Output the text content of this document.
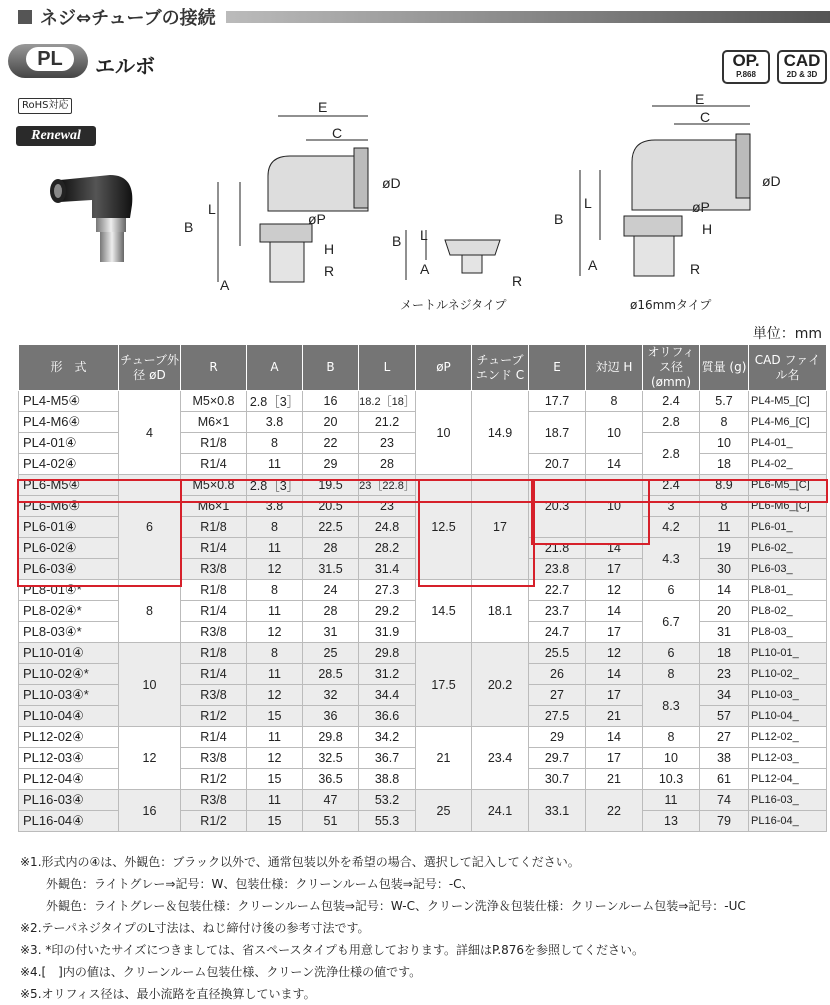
ネジ⇔チューブの接続
PL	エルボ	OP.
P.868
CAD
2D & 3D
RoHS対応
Renewal
E
C
B
L
A
øD
øP
H
R
B L
A
R
E
C
B
L
A
øD
øP
H
R
メートルネジタイプ	ø16mmタイプ
単位：mm
形　式	チューブ外径 øD	R	A	B	L	øP	チューブエンド C	E	対辺 H	オリフィス径 (ømm)	質量 (g)	CAD ファイル名
PL4-M5④	4	M5×0.8	2.8［3］	16	18.2［18］	10	14.9	17.7	8	2.4	5.7	PL4-M5_[C]
PL4-M6④		M6×1	3.8	20	21.2			18.7	10	2.8	8	PL4-M6_[C]
PL4-01④		R1/8	8	22	23					2.8	10	PL4-01_
PL4-02④		R1/4	11	29	28			20.7	14		18	PL4-02_
PL6-M5④	6	M5×0.8	2.8［3］	19.5	23［22.8］	12.5	17	20.3	10	2.4	8.9	PL6-M5_[C]
PL6-M6④		M6×1	3.8	20.5	23					3	8	PL6-M6_[C]
PL6-01④		R1/8	8	22.5	24.8					4.2	11	PL6-01_
PL6-02④		R1/4	11	28	28.2			21.8	14	4.3	19	PL6-02_
PL6-03④		R3/8	12	31.5	31.4			23.8	17		30	PL6-03_
PL8-01④*	8	R1/8	8	24	27.3	14.5	18.1	22.7	12	6	14	PL8-01_
PL8-02④*		R1/4	11	28	29.2			23.7	14	6.7	20	PL8-02_
PL8-03④*		R3/8	12	31	31.9			24.7	17		31	PL8-03_
PL10-01④	10	R1/8	8	25	29.8	17.5	20.2	25.5	12	6	18	PL10-01_
PL10-02④*		R1/4	11	28.5	31.2			26	14	8	23	PL10-02_
PL10-03④*		R3/8	12	32	34.4			27	17	8.3	34	PL10-03_
PL10-04④		R1/2	15	36	36.6			27.5	21		57	PL10-04_
PL12-02④	12	R1/4	11	29.8	34.2	21	23.4	29	14	8	27	PL12-02_
PL12-03④		R3/8	12	32.5	36.7			29.7	17	10	38	PL12-03_
PL12-04④		R1/2	15	36.5	38.8			30.7	21	10.3	61	PL12-04_
PL16-03④	16	R3/8	11	47	53.2	25	24.1	33.1	22	11	74	PL16-03_
PL16-04④		R1/2	15	51	55.3					13	79	PL16-04_
※1.形式内の④は、外観色：ブラック以外で、通常包装以外を希望の場合、選択して記入してください。
外観色：ライトグレー⇒記号：W、包装仕様：クリーンルーム包装⇒記号：-C、
外観色：ライトグレー＆包装仕様：クリーンルーム包装⇒記号：W-C、クリーン洗浄＆包装仕様：クリーンルーム包装⇒記号：-UC
※2.テーパネジタイプのL寸法は、ねじ締付け後の参考寸法です。
※3. *印の付いたサイズにつきましては、省スペースタイプも用意しております。詳細はP.876を参照してください。
※4.[　]内の値は、クリーンルーム包装仕様、クリーン洗浄仕様の値です。
※5.オリフィス径は、最小流路を直径換算しています。
